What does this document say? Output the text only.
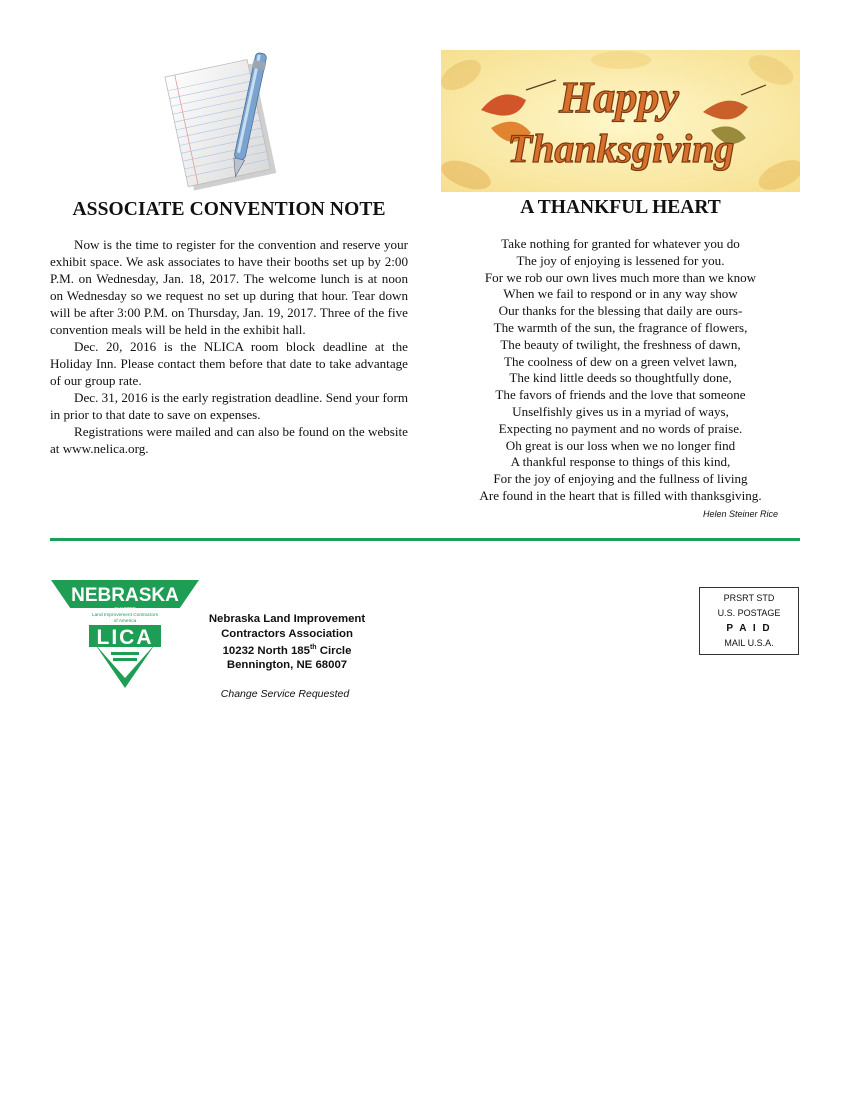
ASSOCIATE CONVENTION NOTE

Now is the time to register for the convention and reserve your exhibit space. We ask associates to have their booths set up by 2:00 P.M. on Wednesday, Jan. 18, 2017. The welcome lunch is at noon on Wednesday so we request no set up during that hour. Tear down will be after 3:00 P.M. on Thursday, Jan. 19, 2017. Three of the five convention meals will be held in the exhibit hall.

Dec. 20, 2016 is the NLICA room block deadline at the Holiday Inn. Please contact them before that date to take advantage of our group rate.

Dec. 31, 2016 is the early registration deadline. Send your form in prior to that date to save on expenses.

Registrations were mailed and can also be found on the website at www.nelica.org.

Happy
Thanksgiving
A THANKFUL HEART
Take nothing for granted for whatever you do
The joy of enjoying is lessened for you.
For we rob our own lives much more than we know
When we fail to respond or in any way show
Our thanks for the blessing that daily are ours-
The warmth of the sun, the fragrance of flowers,
The beauty of twilight, the freshness of dawn,
The coolness of dew on a green velvet lawn,
The kind little deeds so thoughtfully done,
The favors of friends and the love that someone
Unselfishly gives us in a myriad of ways,
Expecting no payment and no words of praise.
Oh great is our loss when we no longer find
A thankful response to things of this kind,
For the joy of enjoying and the fullness of living
Are found in the heart that is filled with thanksgiving.
Helen Steiner Rice
NEBRASKA
CHAPTER
Land Improvement Contractors
of America
LICA
Nebraska Land Improvement
Contractors Association
10232 North 185th Circle
Bennington, NE 68007
Change Service Requested
PRSRT STD
U.S. POSTAGE
P A I D
MAIL U.S.A.
